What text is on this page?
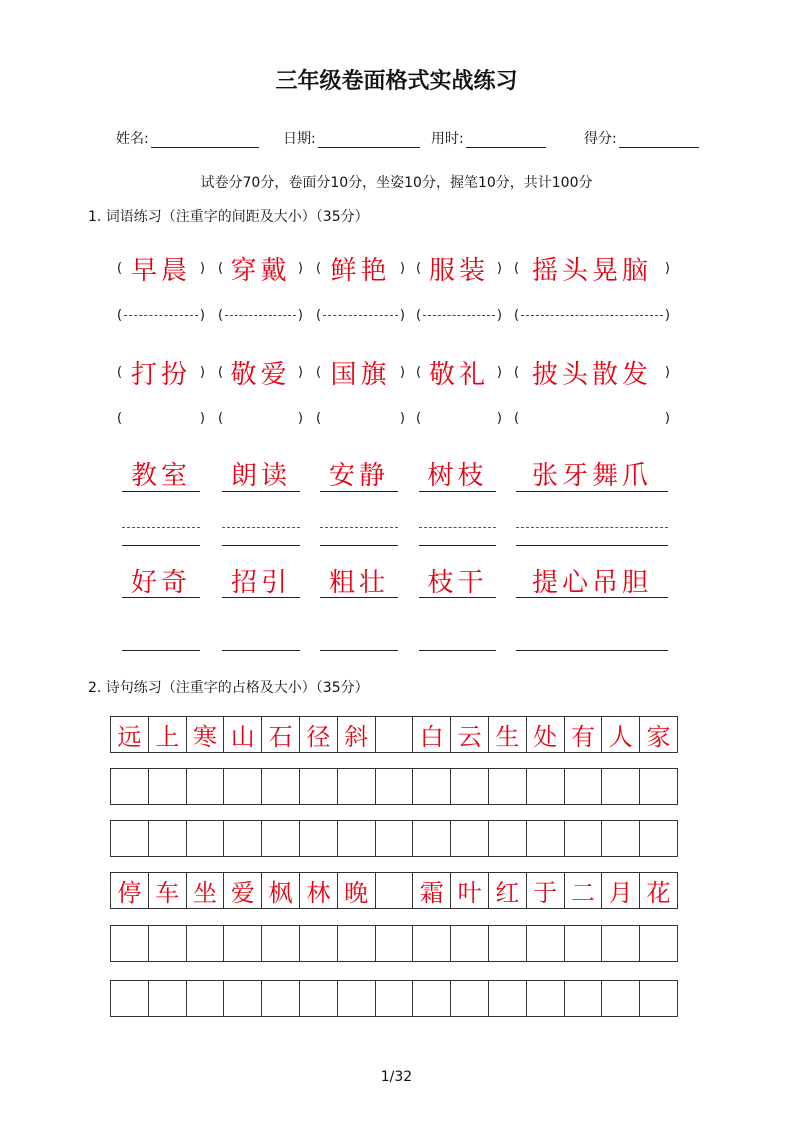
三年级卷面格式实战练习
姓名:	日期:	用时:	得分:
试卷分70分，卷面分10分，坐姿10分，握笔10分，共计100分
1. 词语练习（注重字的间距及大小）（35分）
( 早晨 ) ( 穿戴 ) ( 鲜艳 ) ( 服装 ) ( 摇头晃脑 )
(	) (	) (	) (	) (	)
( 打扮 ) ( 敬爱 ) ( 国旗 ) ( 敬礼 ) ( 披头散发 )
(	) (	) (	) (	) (	)
教室	朗读	安静	树枝	张牙舞爪
好奇	招引	粗壮	枝干	提心吊胆
2. 诗句练习（注重字的占格及大小）（35分）
远 上 寒 山 石 径 斜	白 云 生 处 有 人 家
停 车 坐 爱 枫 林 晚	霜 叶 红 于 二 月 花
1/32
